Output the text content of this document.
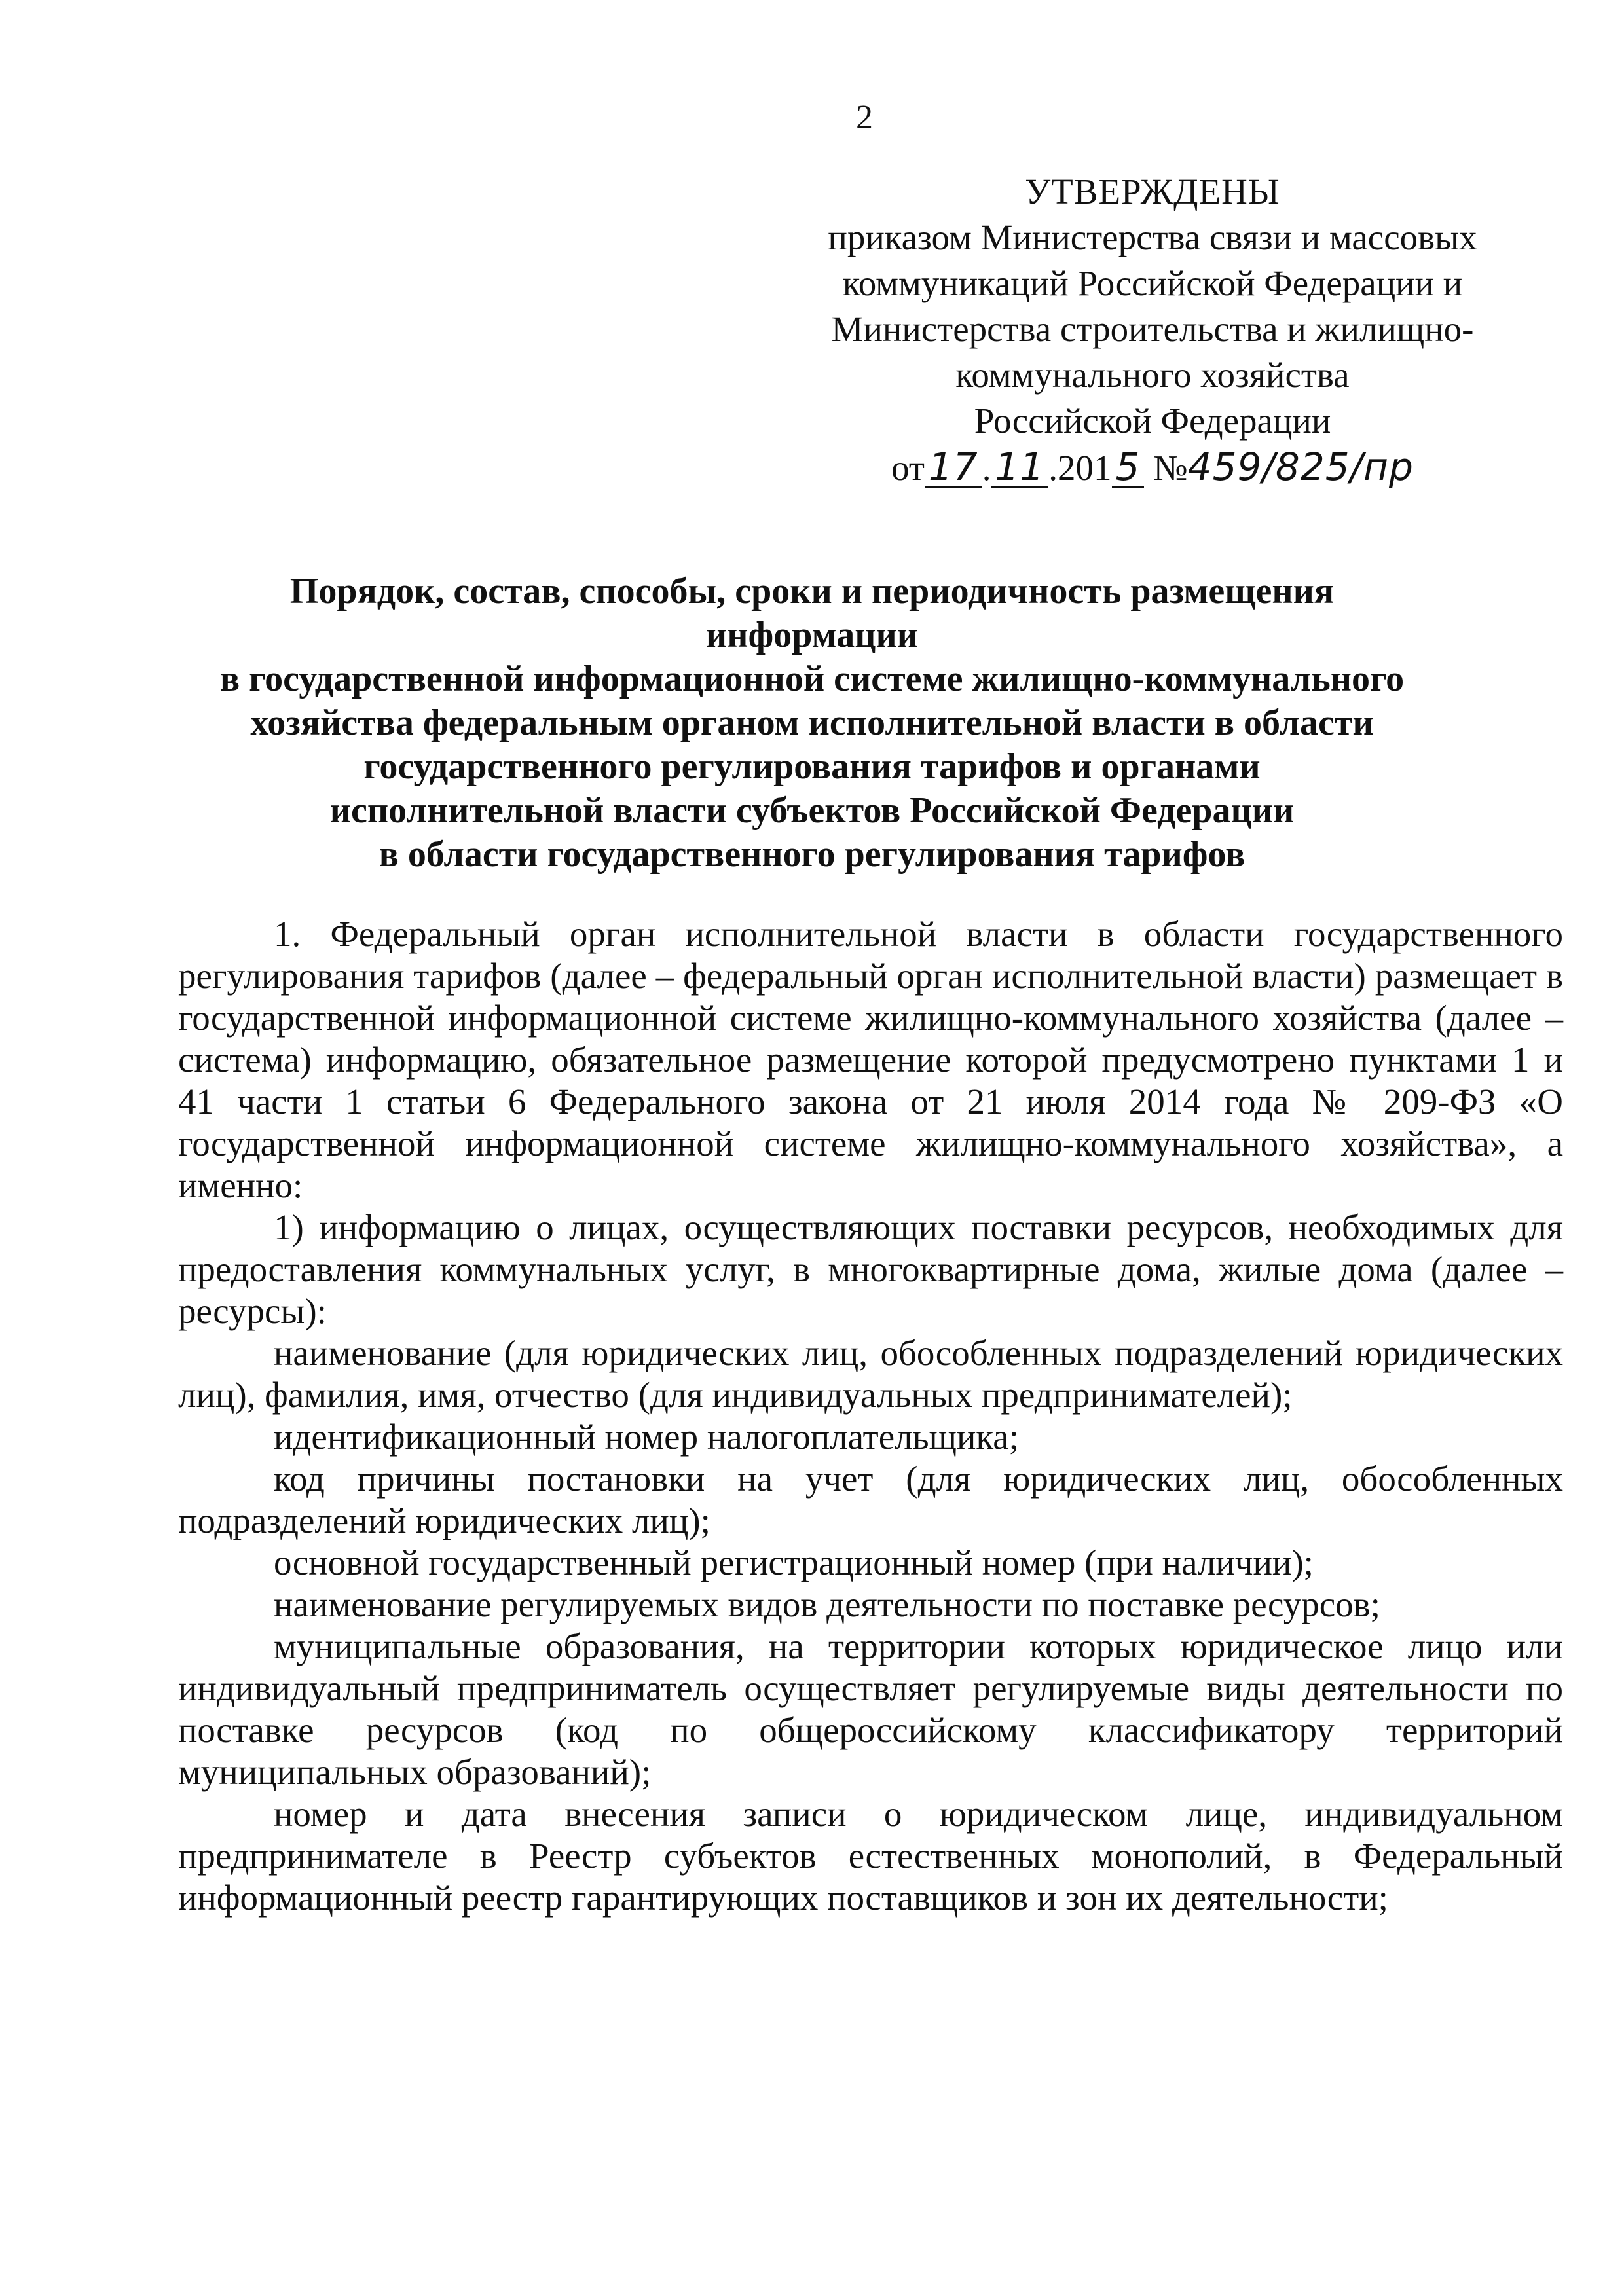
2
УТВЕРЖДЕНЫ
приказом Министерства связи и массовых
коммуникаций Российской Федерации и
Министерства строительства и жилищно-
коммунального хозяйства
Российской Федерации
от 17 . 11 .201 5 №459/825/пр
Порядок, состав, способы, сроки и периодичность размещения информации
в государственной информационной системе жилищно-коммунального
хозяйства федеральным органом исполнительной власти в области
государственного регулирования тарифов и органами
исполнительной власти субъектов Российской Федерации
в области государственного регулирования тарифов

1. Федеральный орган исполнительной власти в области государственного регулирования тарифов (далее – федеральный орган исполнительной власти) размещает в государственной информационной системе жилищно-коммунального хозяйства (далее – система) информацию, обязательное размещение которой предусмотрено пунктами 1 и 41 части 1 статьи 6 Федерального закона от 21 июля 2014 года № 209-ФЗ «О государственной информационной системе жилищно-коммунального хозяйства», а именно:

1) информацию о лицах, осуществляющих поставки ресурсов, необходимых для предоставления коммунальных услуг, в многоквартирные дома, жилые дома (далее – ресурсы):

наименование (для юридических лиц, обособленных подразделений юридических лиц), фамилия, имя, отчество (для индивидуальных предпринимателей);

идентификационный номер налогоплательщика;

код причины постановки на учет (для юридических лиц, обособленных подразделений юридических лиц);

основной государственный регистрационный номер (при наличии);

наименование регулируемых видов деятельности по поставке ресурсов;

муниципальные образования, на территории которых юридическое лицо или индивидуальный предприниматель осуществляет регулируемые виды деятельности по поставке ресурсов (код по общероссийскому классификатору территорий муниципальных образований);

номер и дата внесения записи о юридическом лице, индивидуальном предпринимателе в Реестр субъектов естественных монополий, в Федеральный информационный реестр гарантирующих поставщиков и зон их деятельности;
